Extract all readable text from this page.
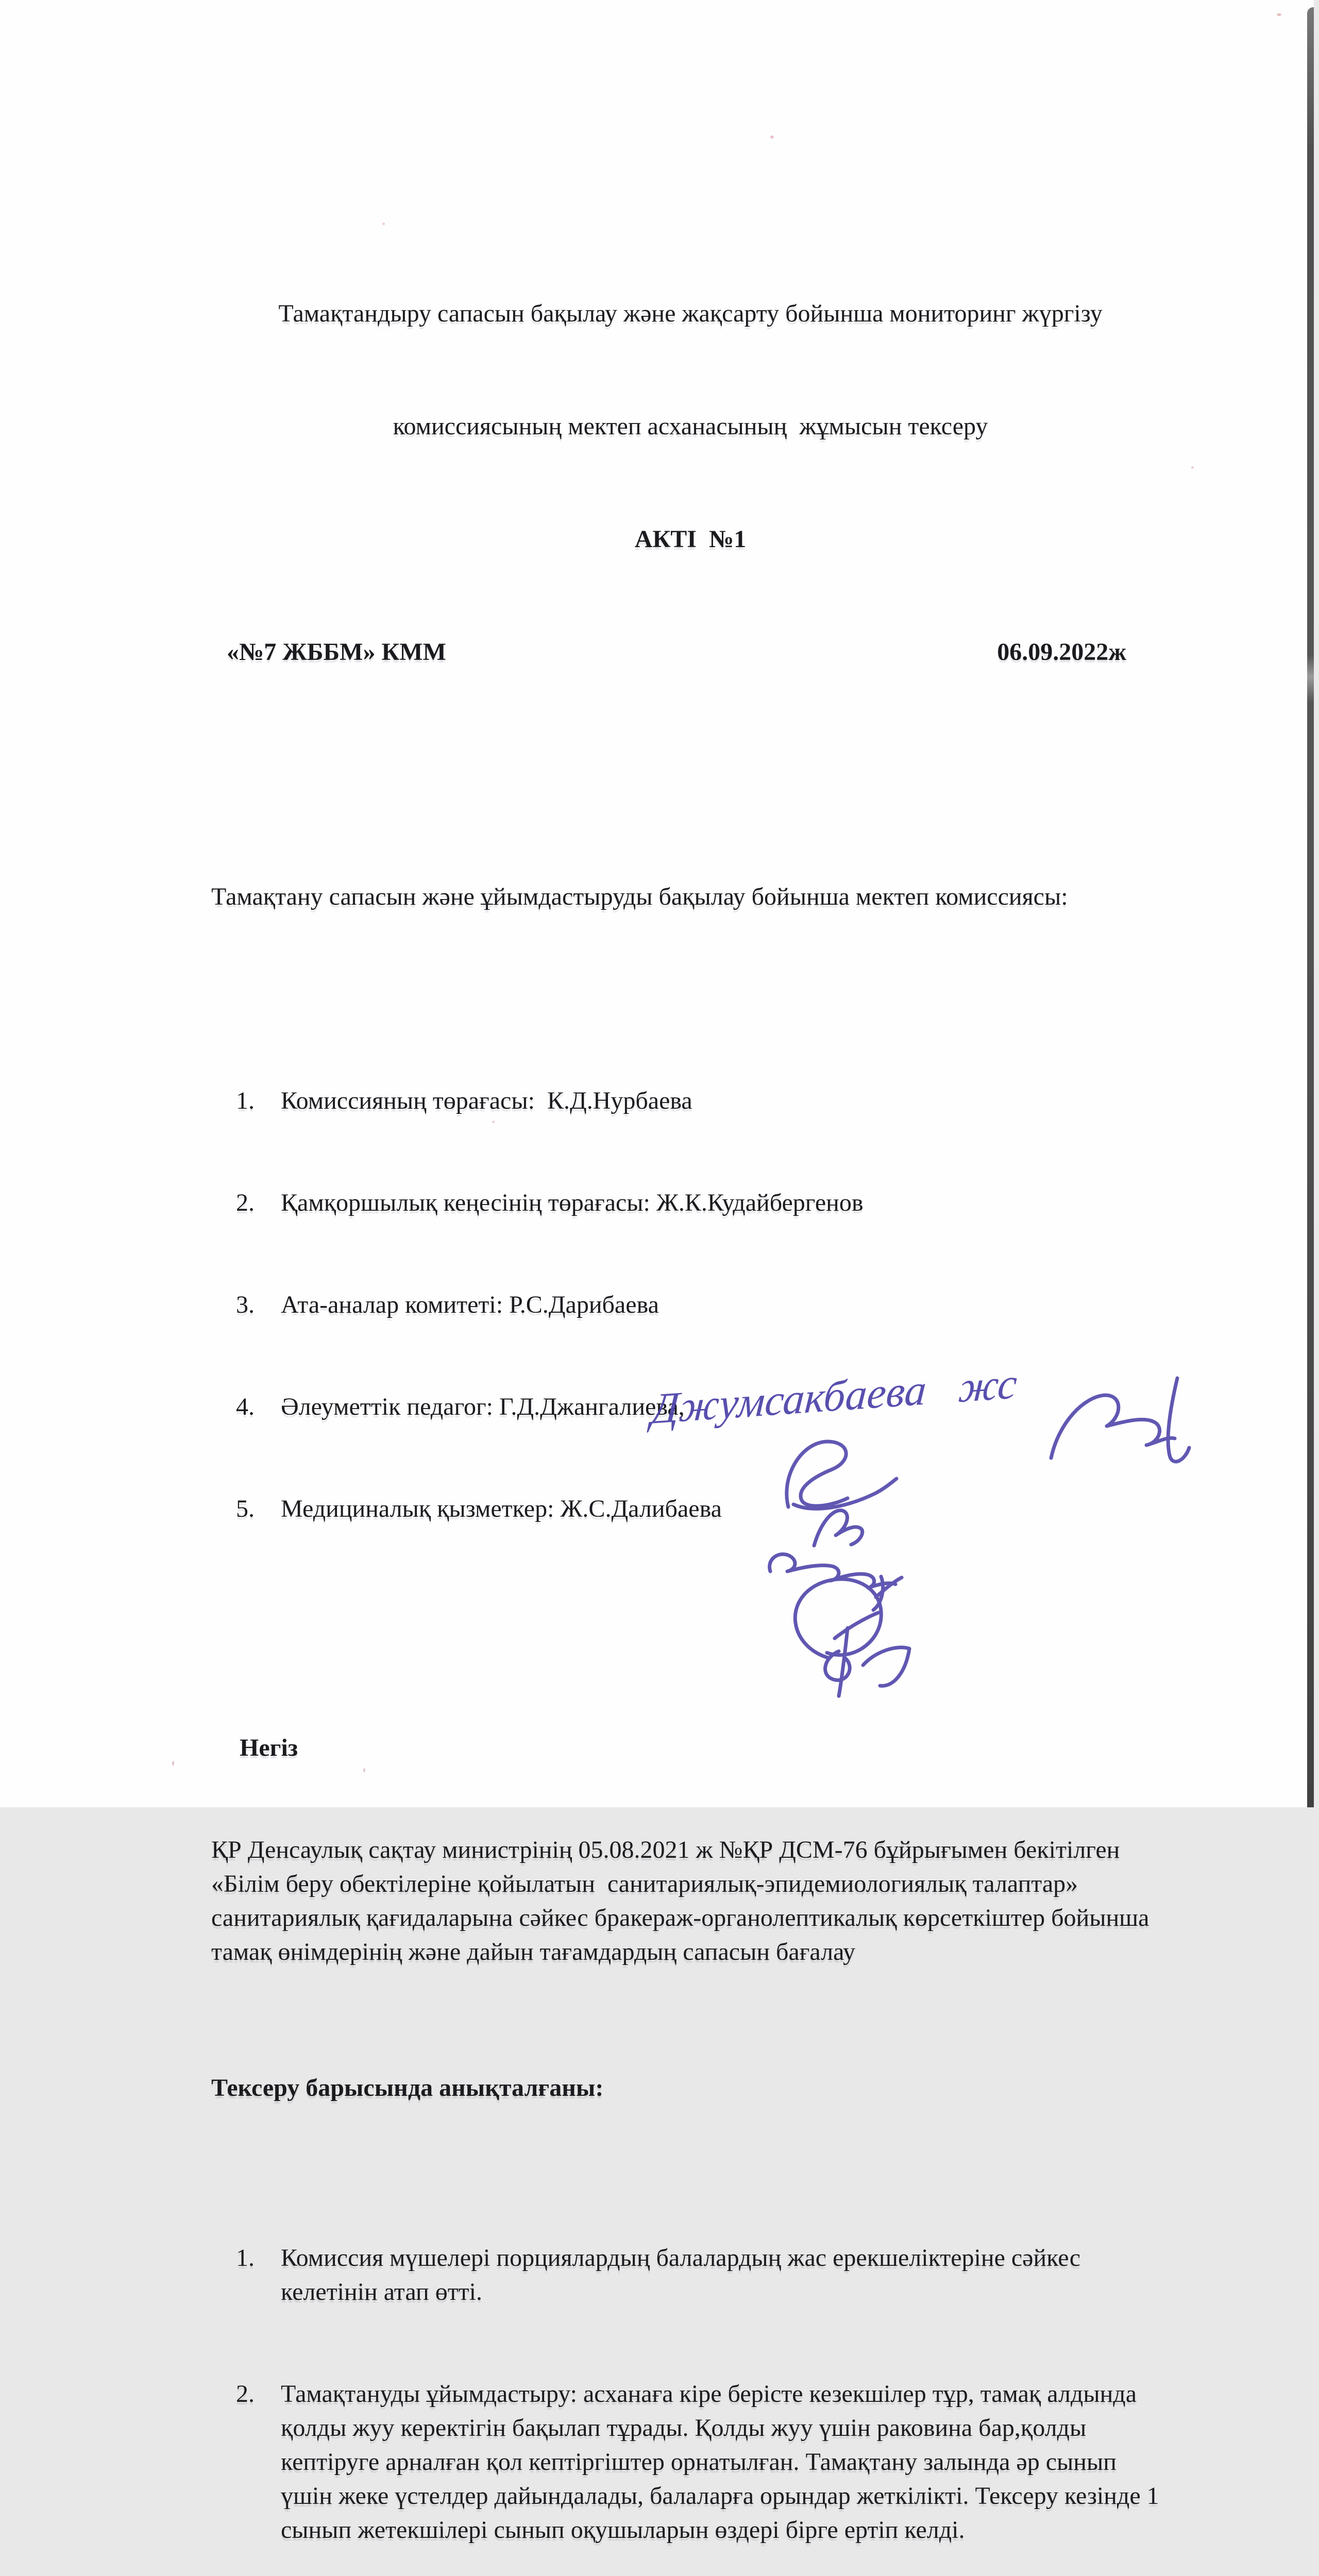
Тамақтандыру сапасын бақылау және жақсарту бойынша мониторинг жүргізу

комиссиясының мектеп асханасының  жұмысын тексеру

АКТІ  №1

«№7 ЖББМ» КММ	06.09.2022ж

Тамақтану сапасын және ұйымдастыруды бақылау бойынша мектеп комиссиясы:

1. Комиссияның төрағасы:  К.Д.Нурбаева

2. Қамқоршылық кеңесінің төрағасы: Ж.К.Кудайбергенов

3. Ата-аналар комитеті: Р.С.Дарибаева

4. Әлеуметтік педагог: Г.Д.Джангалиева,

5. Медициналық қызметкер: Ж.С.Далибаева

Негіз

ҚР Денсаулық сақтау министрінің 05.08.2021 ж №ҚР ДСМ-76 бұйрығымен бекітілген «Білім беру обектілеріне қойылатын  санитариялық-эпидемиологиялық талаптар» санитариялық қағидаларына сәйкес бракераж-органолептикалық көрсеткіштер бойынша тамақ өнімдерінің және дайын тағамдардың сапасын бағалау

Тексеру барысында анықталғаны:

1. Комиссия мүшелері порциялардың балалардың жас ерекшеліктеріне сәйкес келетінін атап өтті.

2. Тамақтануды ұйымдастыру: асханаға кіре берісте кезекшілер тұр, тамақ алдында қолды жуу керектігін бақылап тұрады. Қолды жуу үшін раковина бар,қолды кептіруге арналған қол кептіргіштер орнатылған. Тамақтану залында әр сынып үшін жеке үстелдер дайындалады, балаларға орындар жеткілікті. Тексеру кезінде 1 сынып жетекшілері сынып оқушыларын өздері бірге ертіп келді.

Джумсакбаева жс
